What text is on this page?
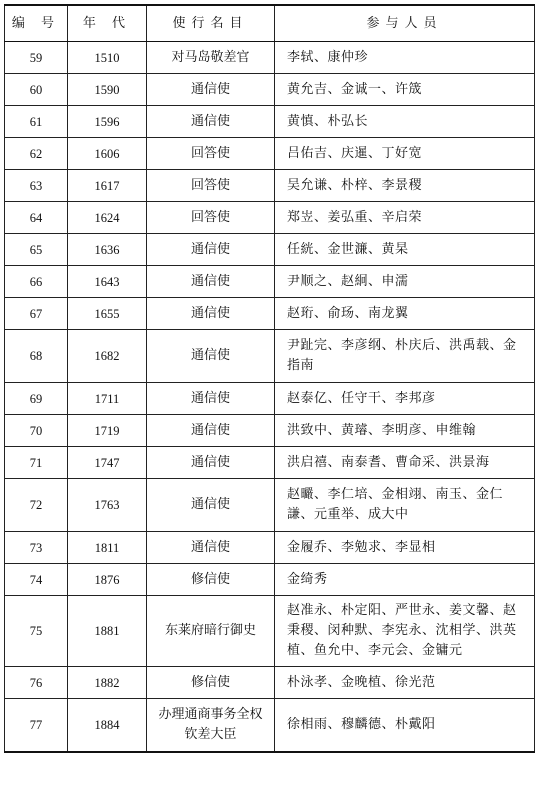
编 号	年 代	使行名目	参与人员
59	1510	对马岛敬差官	李轼、康仲珍
60	1590	通信使	黄允吉、金诚一、许筬
61	1596	通信使	黄慎、朴弘长
62	1606	回答使	吕佑吉、庆暹、丁好宽
63	1617	回答使	吴允谦、朴梓、李景稷
64	1624	回答使	郑岦、姜弘重、辛启荣
65	1636	通信使	任絖、金世濂、黄杲
66	1643	通信使	尹顺之、赵絅、申濡
67	1655	通信使	赵珩、俞玚、南龙翼
68	1682	通信使	尹趾完、李彦纲、朴庆后、洪禹载、金指南
69	1711	通信使	赵泰亿、任守干、李邦彦
70	1719	通信使	洪致中、黄璿、李明彦、申维翰
71	1747	通信使	洪启禧、南泰耆、曹命采、洪景海
72	1763	通信使	赵曮、李仁培、金相翊、南玉、金仁謙、元重举、成大中
73	1811	通信使	金履乔、李勉求、李显相
74	1876	修信使	金绮秀
75	1881	东莱府暗行御史	赵准永、朴定阳、严世永、姜文馨、赵秉稷、闵种默、李宪永、沈相学、洪英植、鱼允中、李元会、金镛元
76	1882	修信使	朴泳孝、金晚植、徐光范
77	1884	办理通商事务全权钦差大臣	徐相雨、穆麟德、朴戴阳
